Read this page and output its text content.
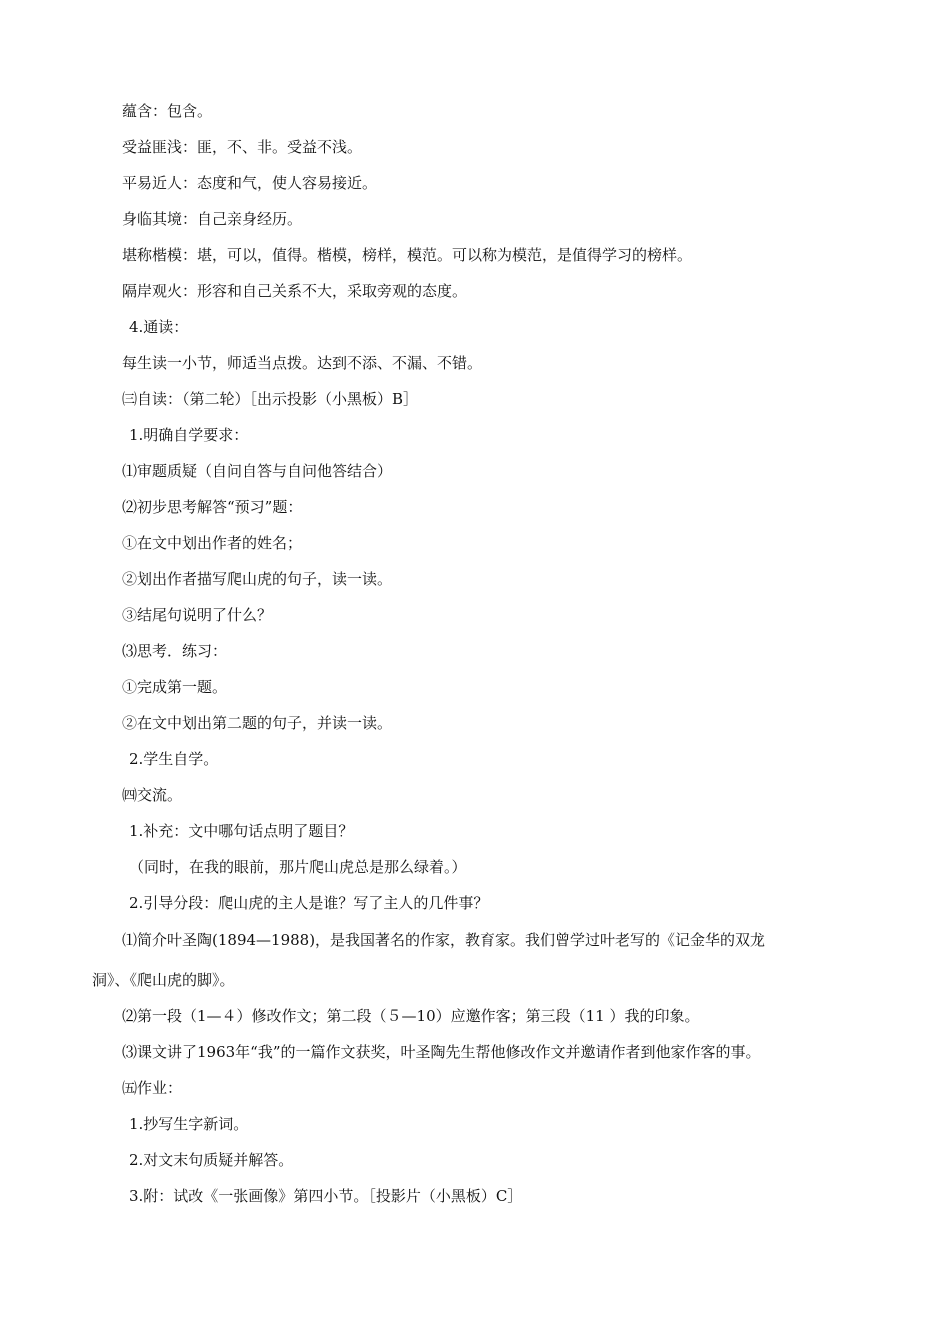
蕴含：包含。
受益匪浅：匪，不、非。受益不浅。
平易近人：态度和气，使人容易接近。
身临其境：自己亲身经历。
堪称楷模：堪，可以，值得。楷模，榜样，模范。可以称为模范，是值得学习的榜样。
隔岸观火：形容和自己关系不大，采取旁观的态度。
4.通读：
每生读一小节，师适当点拨。达到不添、不漏、不错。
㈢自读：（第二轮）［出示投影（小黑板）B］
1.明确自学要求：
⑴审题质疑（自问自答与自问他答结合）
⑵初步思考解答“预习”题：
①在文中划出作者的姓名；
②划出作者描写爬山虎的句子，读一读。
③结尾句说明了什么？
⑶思考．练习：
①完成第一题。
②在文中划出第二题的句子，并读一读。
2.学生自学。
㈣交流。
1.补充：文中哪句话点明了题目？
（同时，在我的眼前，那片爬山虎总是那么绿着。）
2.引导分段：爬山虎的主人是谁？写了主人的几件事？
⑴简介叶圣陶(1894—1988)，是我国著名的作家，教育家。我们曾学过叶老写的《记金华的双龙
洞》、《爬山虎的脚》。
⑵第一段（1—４）修改作文；第二段（５—10）应邀作客；第三段（11 ）我的印象。
⑶课文讲了1963年“我”的一篇作文获奖，叶圣陶先生帮他修改作文并邀请作者到他家作客的事。
㈤作业：
1.抄写生字新词。
2.对文末句质疑并解答。
3.附：试改《一张画像》第四小节。［投影片（小黑板）C］
